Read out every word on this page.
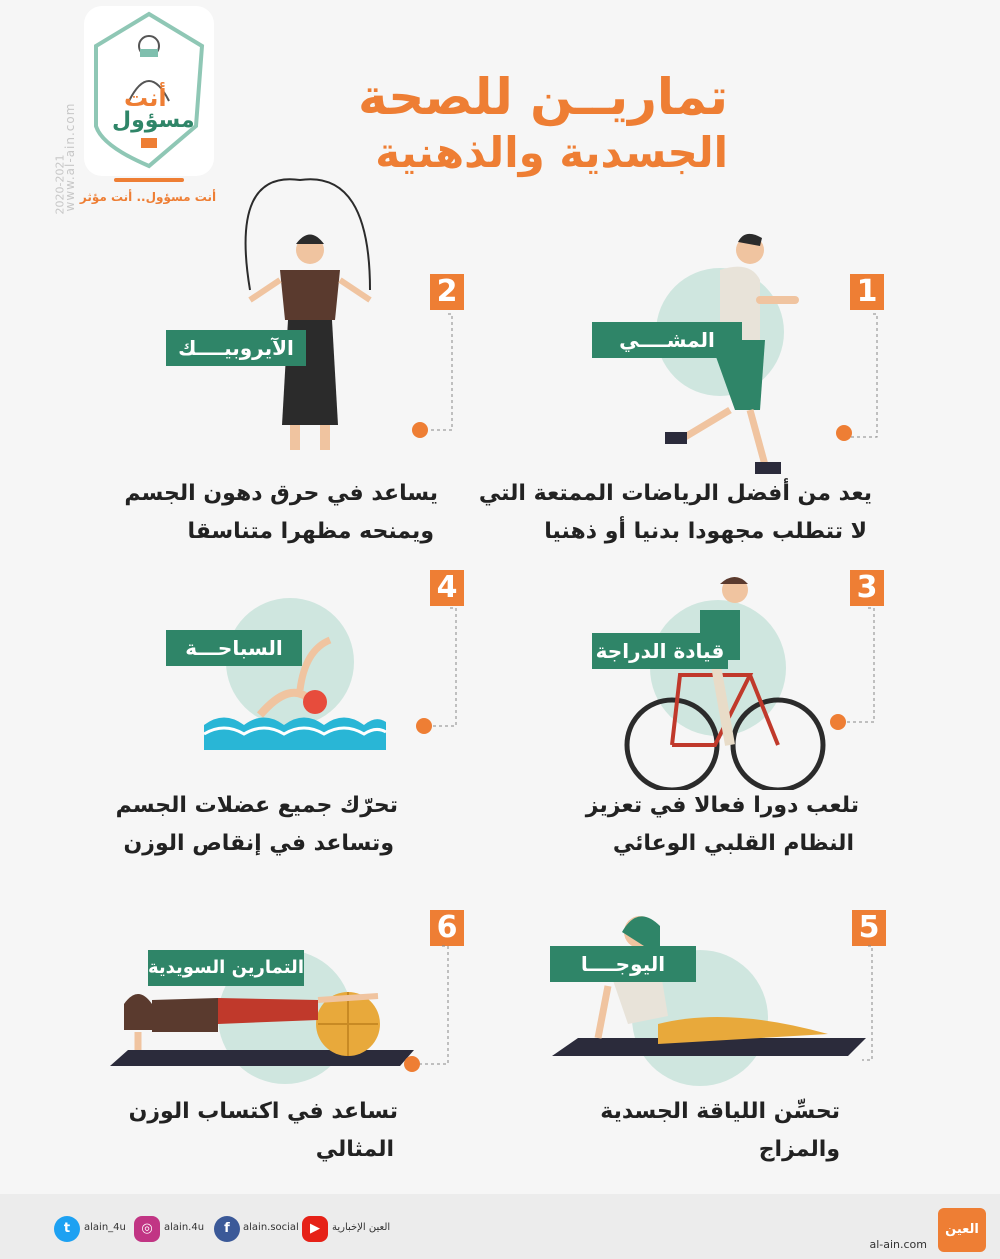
www.al-ain.com
2020-2021
أنت
مسؤول
أنت مسؤول.. أنت مؤثر
تماريــن للصحة
الجسدية والذهنية
1
المشــــي
يعد من أفضل الرياضات الممتعة التي
لا تتطلب مجهودا بدنيا أو ذهنيا
2
الآيروبيــــك
يساعد في حرق دهون الجسم
ويمنحه مظهرا متناسقا
3
قيادة الدراجة
تلعب دورا فعالا في تعزيز
النظام القلبي الوعائي
4
السباحـــة
تحرّك جميع عضلات الجسم
وتساعد في إنقاص الوزن
5
اليوجــــا
تحسِّن اللياقة الجسدية
والمزاج
6
التمارين السويدية
تساعد في اكتساب الوزن
المثالي
t	alain_4u	◎	alain.4u	f	alain.social ▶	العين الإخبارية
al-ain.com
العين
